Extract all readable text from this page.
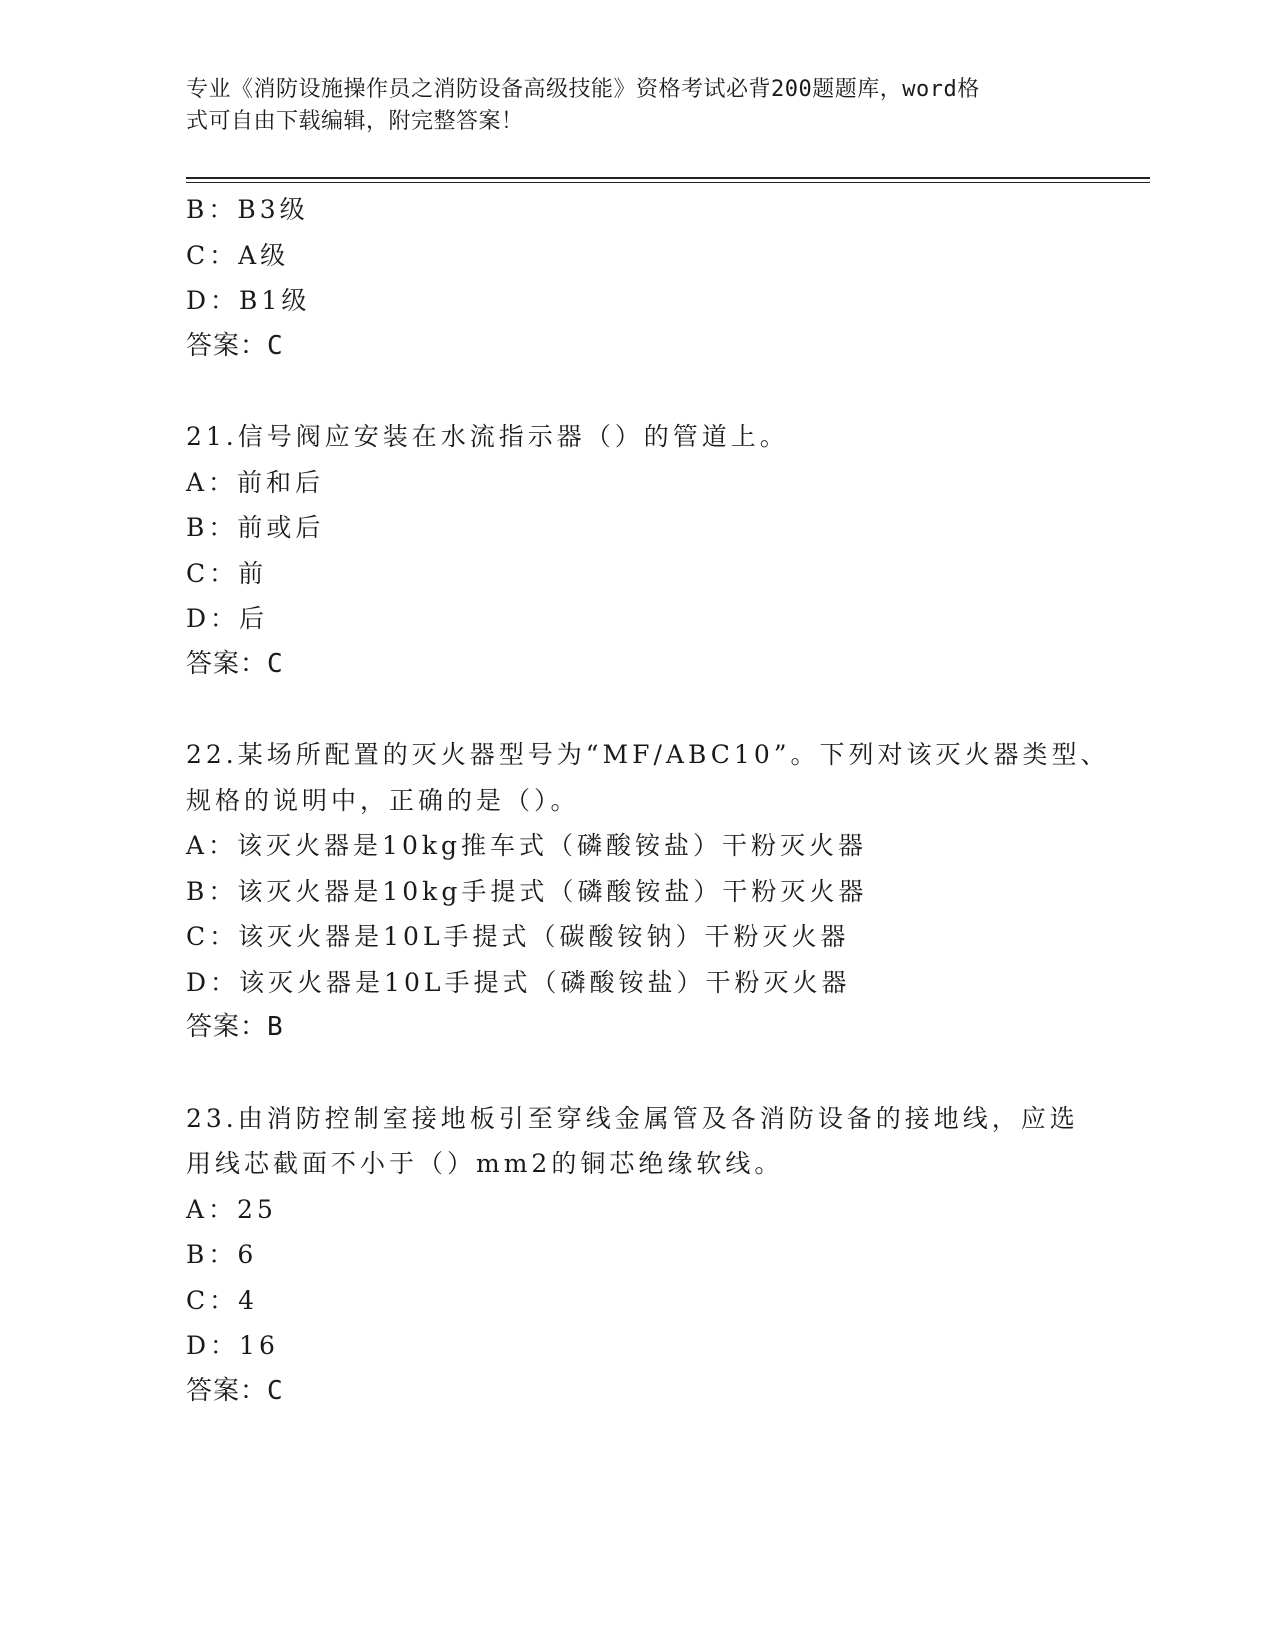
专业《消防设施操作员之消防设备高级技能》资格考试必背200题题库，word格
式可自由下载编辑，附完整答案！
B：B3级
C：A级
D：B1级
答案：C
21.信号阀应安装在水流指示器（）的管道上。
A：前和后
B：前或后
C：前
D：后
答案：C
22.某场所配置的灭火器型号为“MF/ABC10”。下列对该灭火器类型、
规格的说明中，正确的是（）。
A：该灭火器是10kg推车式（磷酸铵盐）干粉灭火器
B：该灭火器是10kg手提式（磷酸铵盐）干粉灭火器
C：该灭火器是10L手提式（碳酸铵钠）干粉灭火器
D：该灭火器是10L手提式（磷酸铵盐）干粉灭火器
答案：B
23.由消防控制室接地板引至穿线金属管及各消防设备的接地线，应选
用线芯截面不小于（）mm2的铜芯绝缘软线。
A：25
B：6
C：4
D：16
答案：C
